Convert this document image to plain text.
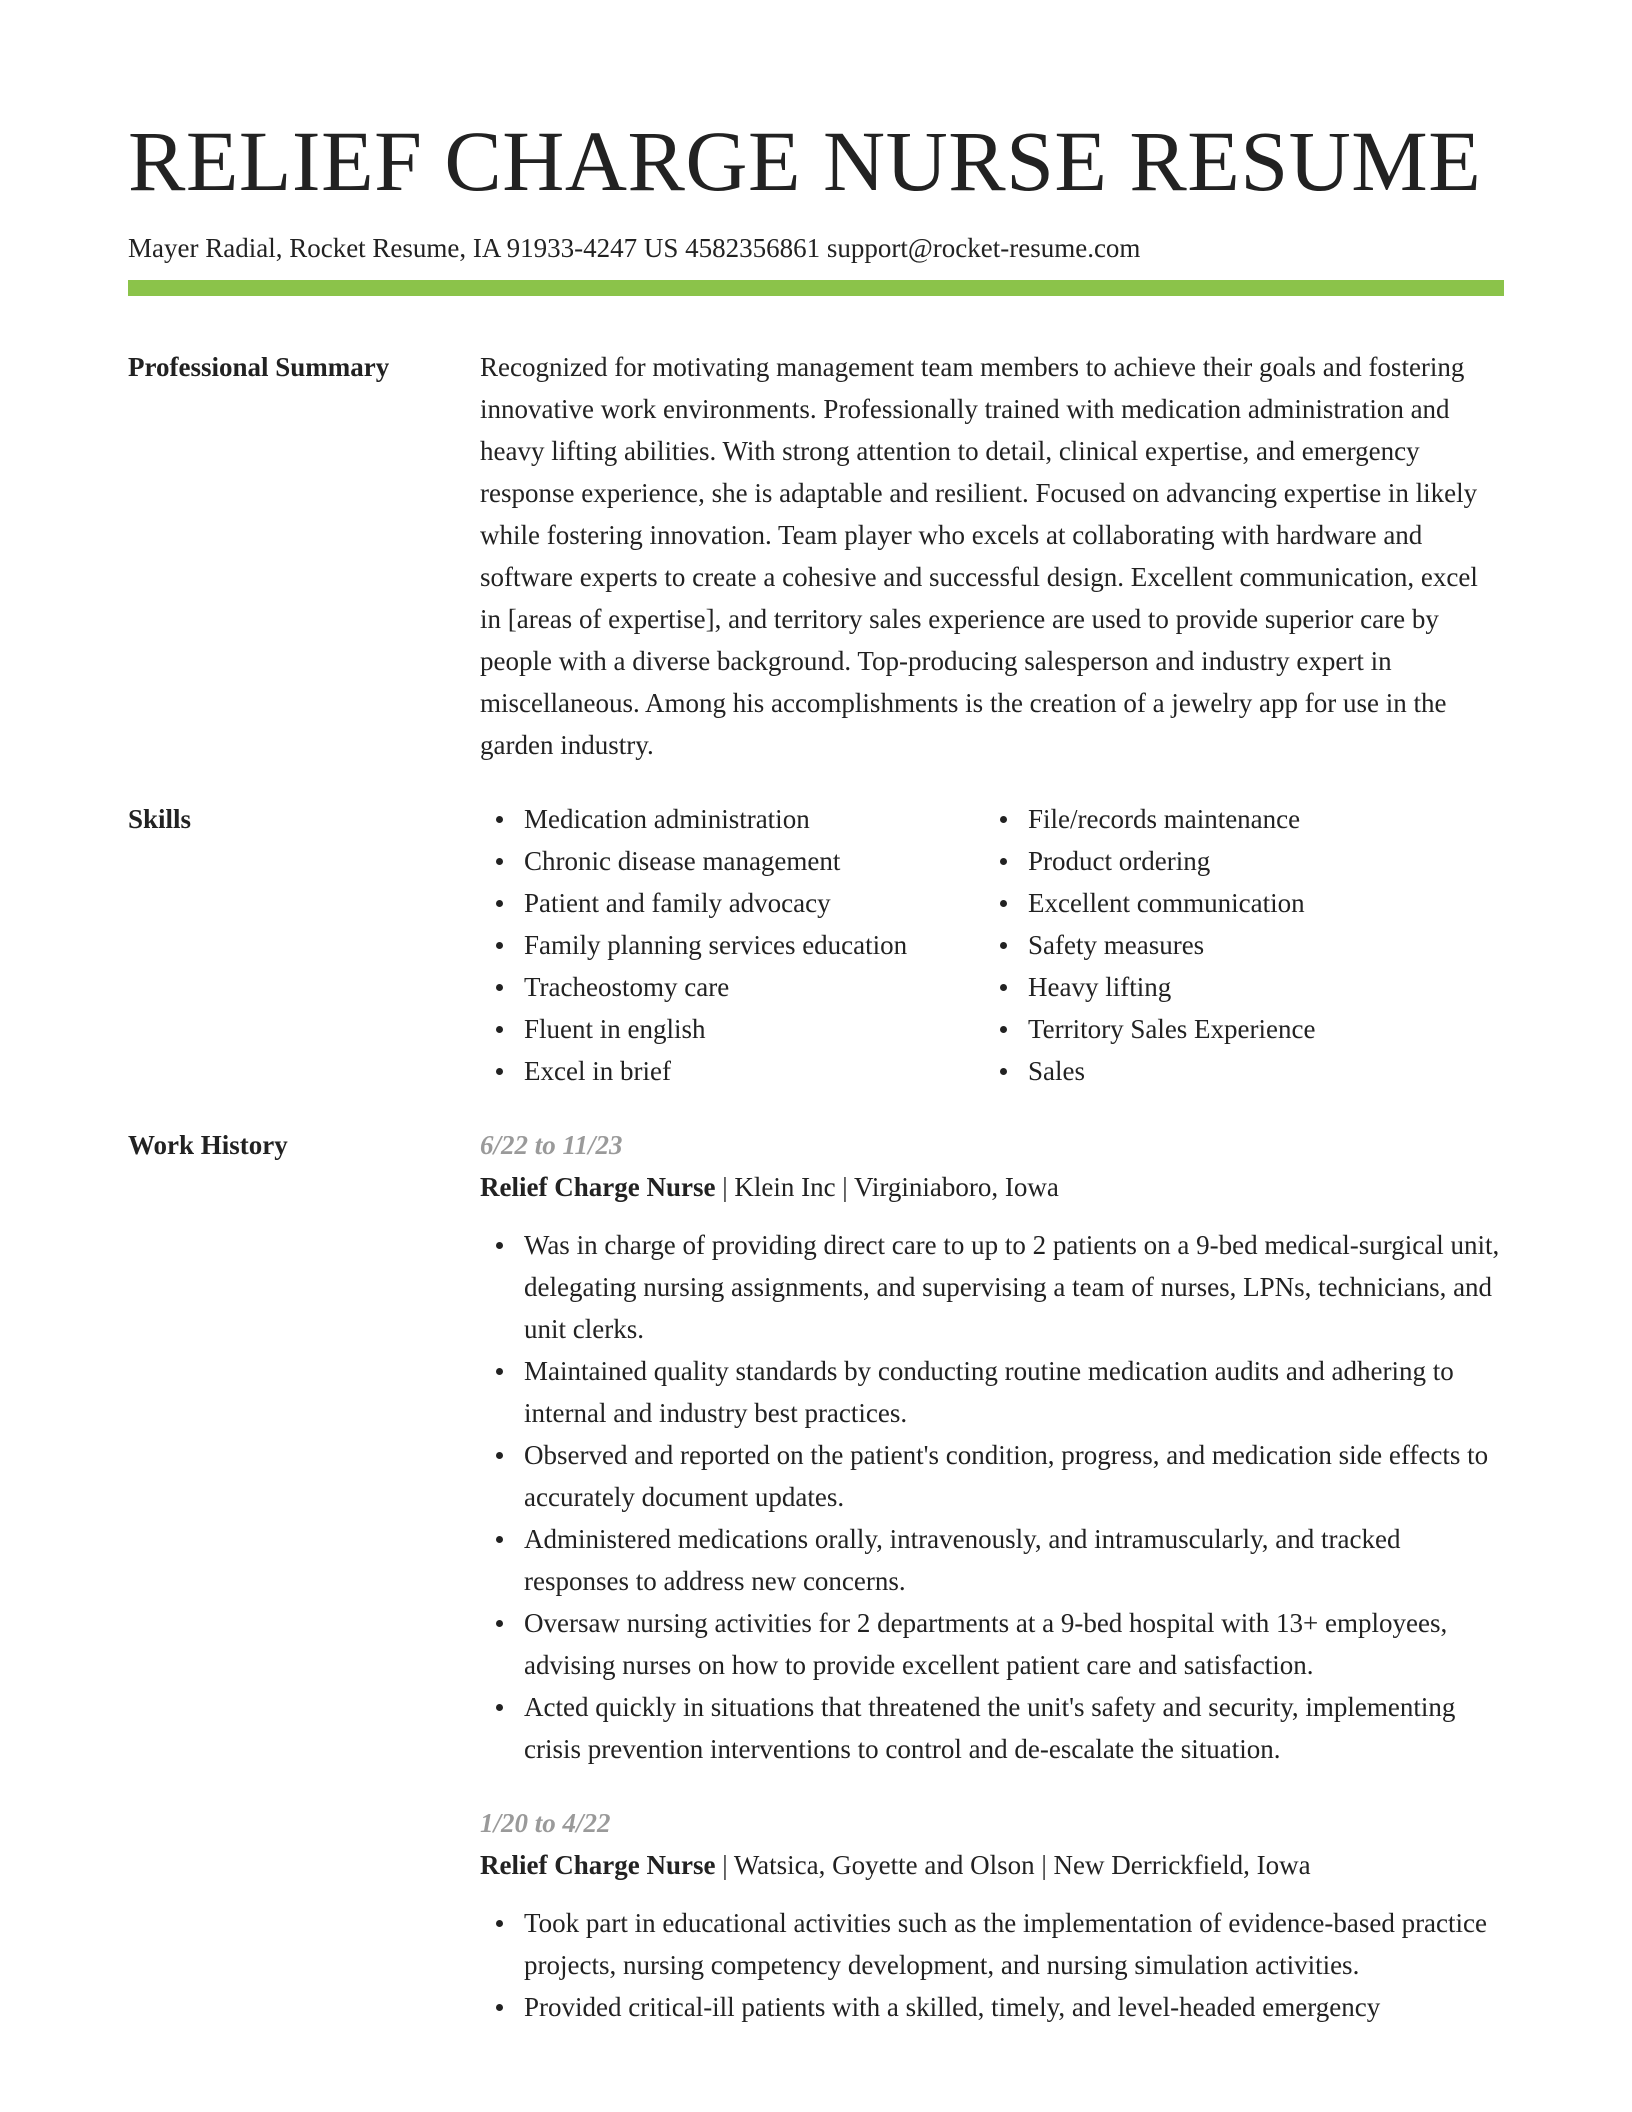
RELIEF CHARGE NURSE RESUME
Mayer Radial, Rocket Resume, IA 91933-4247 US 4582356861 support@rocket-resume.com
Professional Summary	Recognized for motivating management team members to achieve their goals and fostering innovative work environments. Professionally trained with medication administration and heavy lifting abilities. With strong attention to detail, clinical expertise, and emergency response experience, she is adaptable and resilient. Focused on advancing expertise in likely while fostering innovation. Team player who excels at collaborating with hardware and software experts to create a cohesive and successful design. Excellent communication, excel in [areas of expertise], and territory sales experience are used to provide superior care by people with a diverse background. Top-producing salesperson and industry expert in miscellaneous. Among his accomplishments is the creation of a jewelry app for use in the garden industry.

Skills	Medication administration
Chronic disease management
Patient and family advocacy
Family planning services education
Tracheostomy care
Fluent in english
Excel in brief
File/records maintenance
Product ordering
Excellent communication
Safety measures
Heavy lifting
Territory Sales Experience
Sales
Work History	6/22 to 11/23
Relief Charge Nurse | Klein Inc | Virginiaboro, Iowa
Was in charge of providing direct care to up to 2 patients on a 9-bed medical-surgical unit, delegating nursing assignments, and supervising a team of nurses, LPNs, technicians, and unit clerks.
Maintained quality standards by conducting routine medication audits and adhering to internal and industry best practices.
Observed and reported on the patient's condition, progress, and medication side effects to accurately document updates.
Administered medications orally, intravenously, and intramuscularly, and tracked responses to address new concerns.
Oversaw nursing activities for 2 departments at a 9-bed hospital with 13+ employees, advising nurses on how to provide excellent patient care and satisfaction.
Acted quickly in situations that threatened the unit's safety and security, implementing crisis prevention interventions to control and de-escalate the situation.
1/20 to 4/22
Relief Charge Nurse | Watsica, Goyette and Olson | New Derrickfield, Iowa
Took part in educational activities such as the implementation of evidence-based practice projects, nursing competency development, and nursing simulation activities.
Provided critical-ill patients with a skilled, timely, and level-headed emergency
